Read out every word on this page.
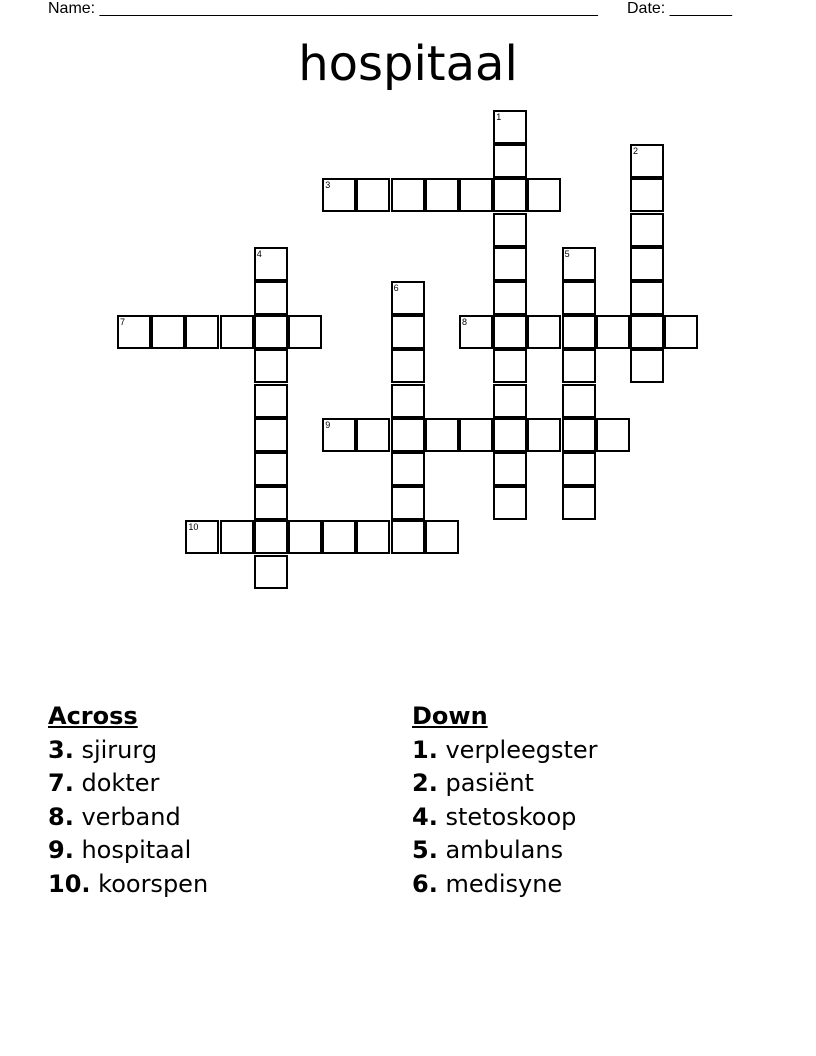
Name: ________________________________________________________

Date: _______

hospitaal
1
2
3
4	5
6
7	8
9
10
Across
3. sjirurg
7. dokter
8. verband
9. hospitaal
10. koorspen
Down
1. verpleegster
2. pasiënt
4. stetoskoop
5. ambulans
6. medisyne
